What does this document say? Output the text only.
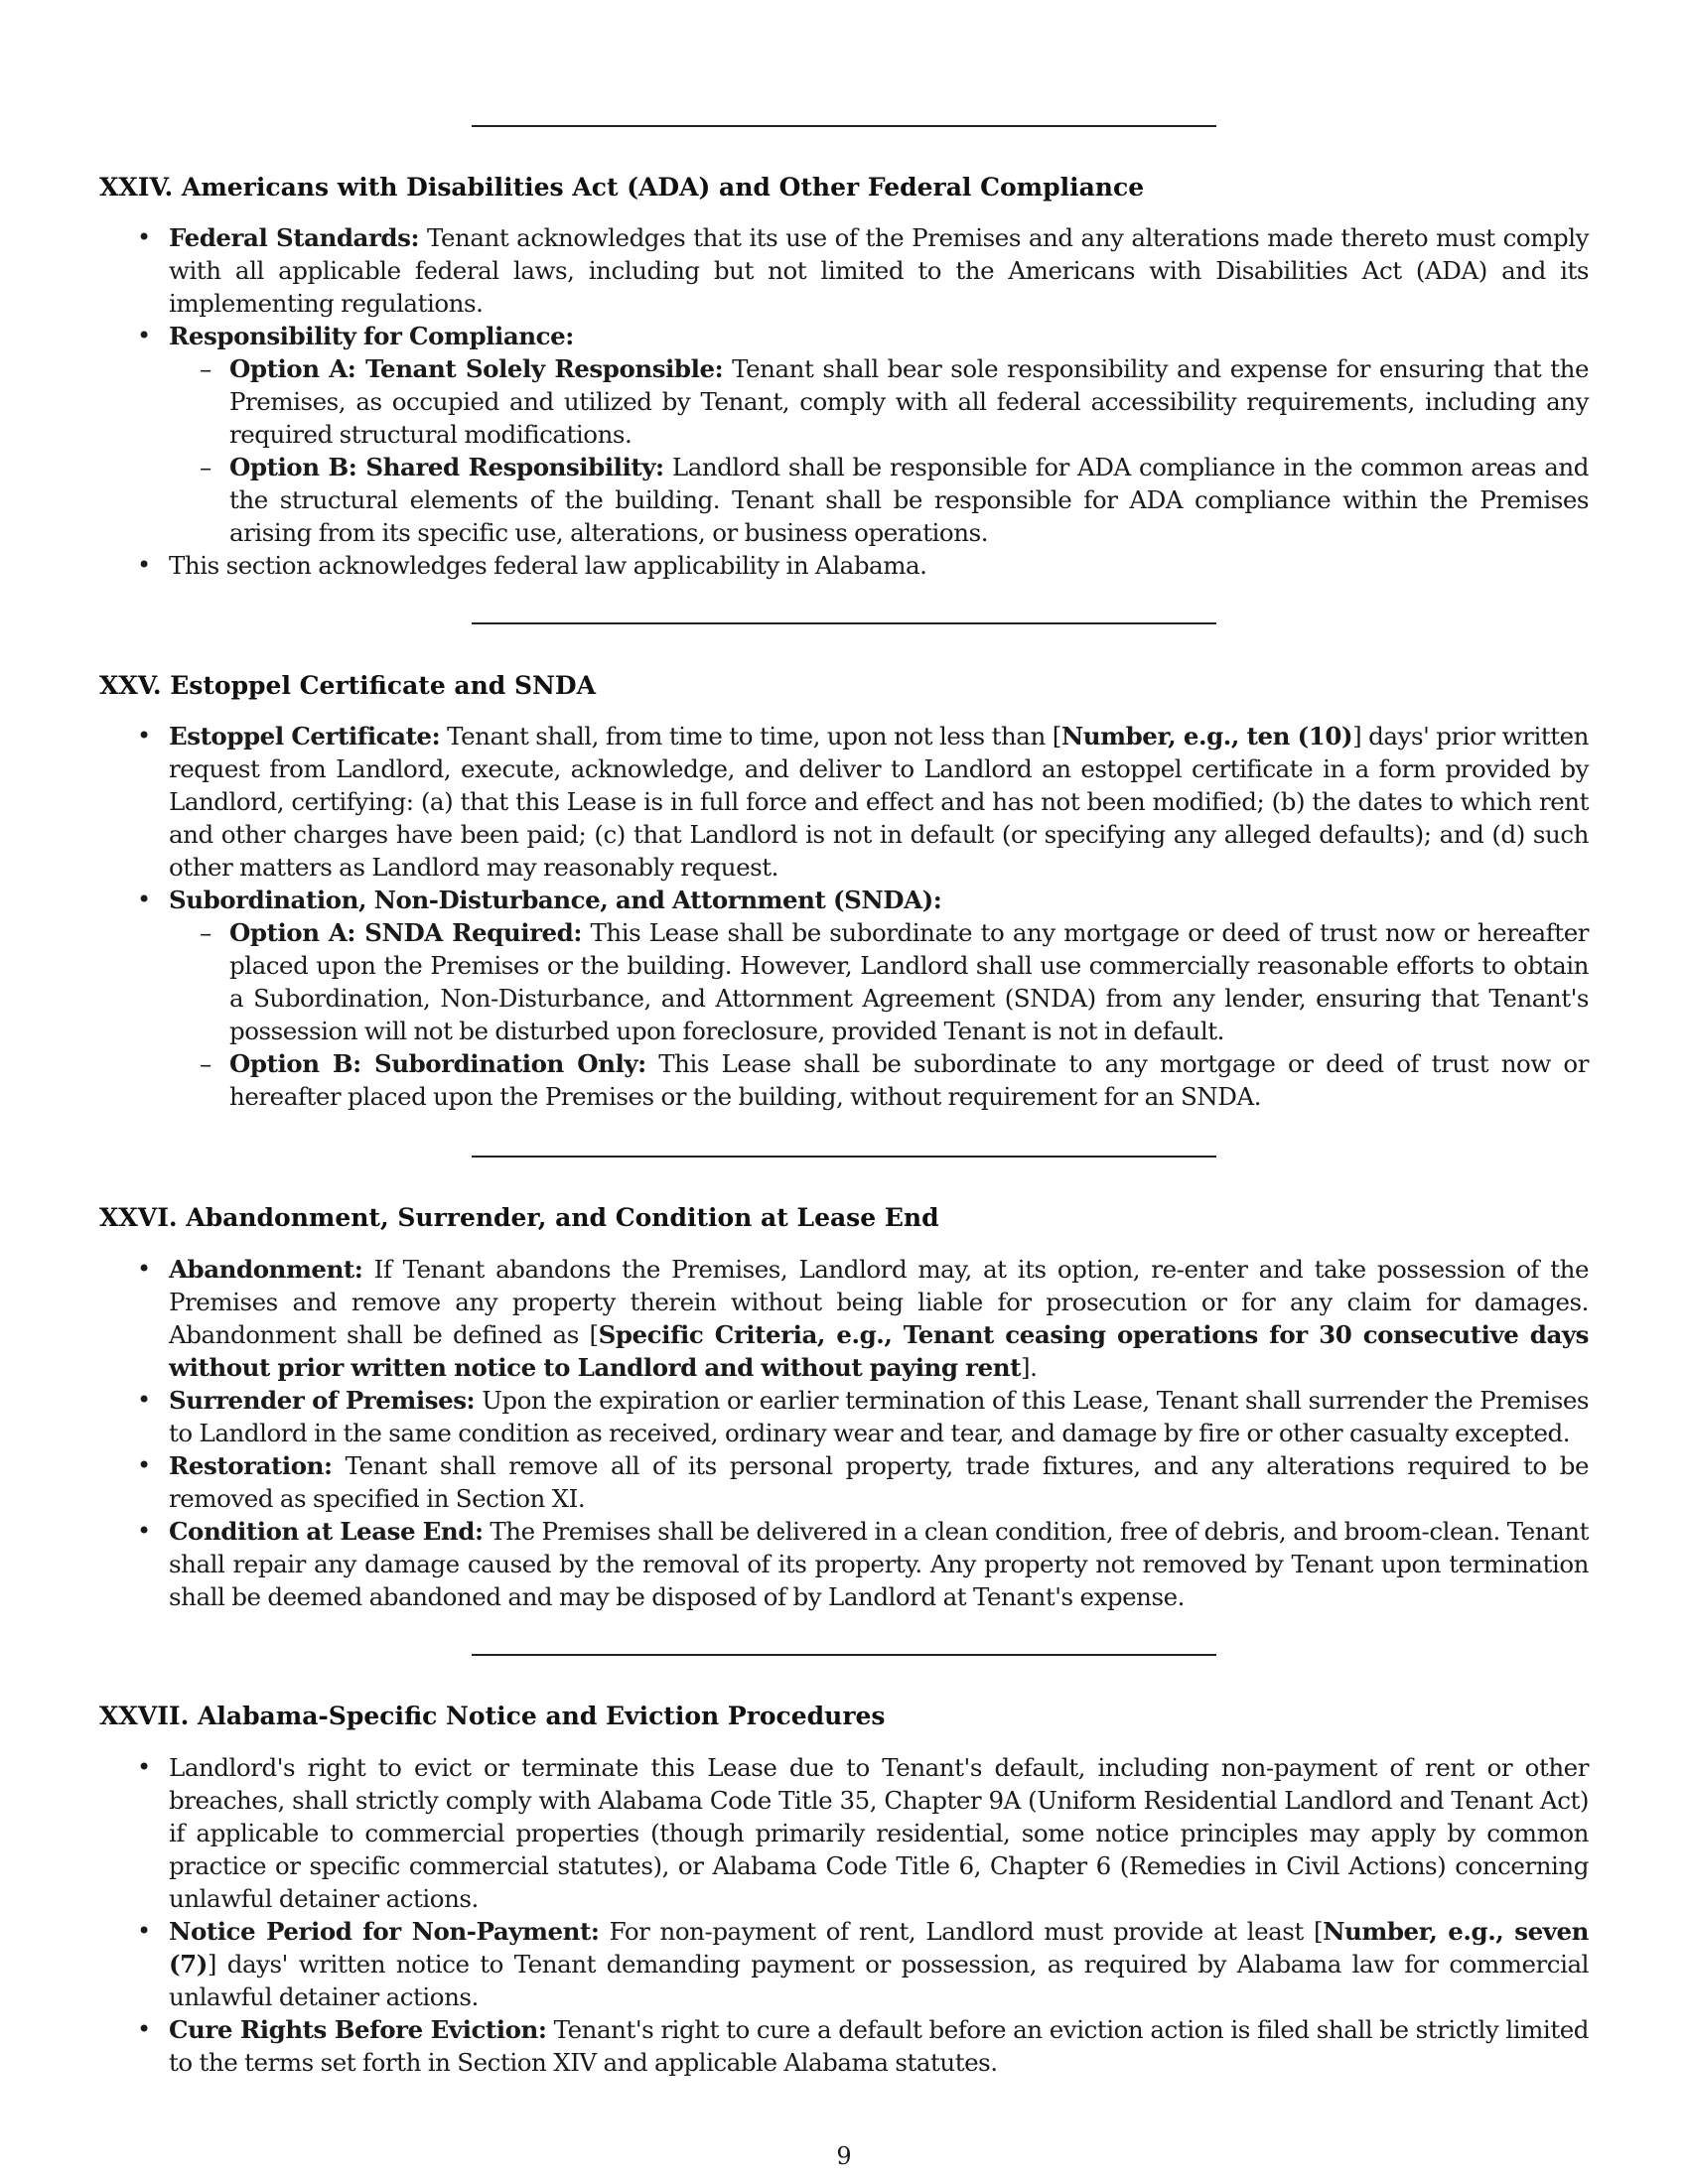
XXIV. Americans with Disabilities Act (ADA) and Other Federal Compliance
• Federal Standards: Tenant acknowledges that its use of the Premises and any alterations made thereto must comply with all applicable federal laws, including but not limited to the Americans with Disabilities Act (ADA) and its implementing regulations.
• Responsibility for Compliance:
– Option A: Tenant Solely Responsible: Tenant shall bear sole responsibility and expense for ensuring that the Premises, as occupied and utilized by Tenant, comply with all federal accessibility requirements, including any required structural modifications.
– Option B: Shared Responsibility: Landlord shall be responsible for ADA compliance in the common areas and the structural elements of the building. Tenant shall be responsible for ADA compliance within the Premises arising from its specific use, alterations, or business operations.
• This section acknowledges federal law applicability in Alabama.
XXV. Estoppel Certificate and SNDA
• Estoppel Certificate: Tenant shall, from time to time, upon not less than [Number, e.g., ten (10)] days' prior written request from Landlord, execute, acknowledge, and deliver to Landlord an estoppel certificate in a form provided by Landlord, certifying: (a) that this Lease is in full force and effect and has not been modified; (b) the dates to which rent and other charges have been paid; (c) that Landlord is not in default (or specifying any alleged defaults); and (d) such other matters as Landlord may reasonably request.
• Subordination, Non-Disturbance, and Attornment (SNDA):
– Option A: SNDA Required: This Lease shall be subordinate to any mortgage or deed of trust now or hereafter placed upon the Premises or the building. However, Landlord shall use commercially reasonable efforts to obtain a Subordination, Non-Disturbance, and Attornment Agreement (SNDA) from any lender, ensuring that Tenant's possession will not be disturbed upon foreclosure, provided Tenant is not in default.
– Option B: Subordination Only: This Lease shall be subordinate to any mortgage or deed of trust now or hereafter placed upon the Premises or the building, without requirement for an SNDA.
XXVI. Abandonment, Surrender, and Condition at Lease End
• Abandonment: If Tenant abandons the Premises, Landlord may, at its option, re-enter and take possession of the Premises and remove any property therein without being liable for prosecution or for any claim for damages. Abandonment shall be defined as [Specific Criteria, e.g., Tenant ceasing operations for 30 consecutive days without prior written notice to Landlord and without paying rent].
• Surrender of Premises: Upon the expiration or earlier termination of this Lease, Tenant shall surrender the Premises to Landlord in the same condition as received, ordinary wear and tear, and damage by fire or other casualty excepted.
• Restoration: Tenant shall remove all of its personal property, trade fixtures, and any alterations required to be removed as specified in Section XI.
• Condition at Lease End: The Premises shall be delivered in a clean condition, free of debris, and broom-clean. Tenant shall repair any damage caused by the removal of its property. Any property not removed by Tenant upon termination shall be deemed abandoned and may be disposed of by Landlord at Tenant's expense.
XXVII. Alabama-Specific Notice and Eviction Procedures
• Landlord's right to evict or terminate this Lease due to Tenant's default, including non-payment of rent or other breaches, shall strictly comply with Alabama Code Title 35, Chapter 9A (Uniform Residential Landlord and Tenant Act) if applicable to commercial properties (though primarily residential, some notice principles may apply by common practice or specific commercial statutes), or Alabama Code Title 6, Chapter 6 (Remedies in Civil Actions) concerning unlawful detainer actions.
• Notice Period for Non-Payment: For non-payment of rent, Landlord must provide at least [Number, e.g., seven (7)] days' written notice to Tenant demanding payment or possession, as required by Alabama law for commercial unlawful detainer actions.
• Cure Rights Before Eviction: Tenant's right to cure a default before an eviction action is filed shall be strictly limited to the terms set forth in Section XIV and applicable Alabama statutes.
9
